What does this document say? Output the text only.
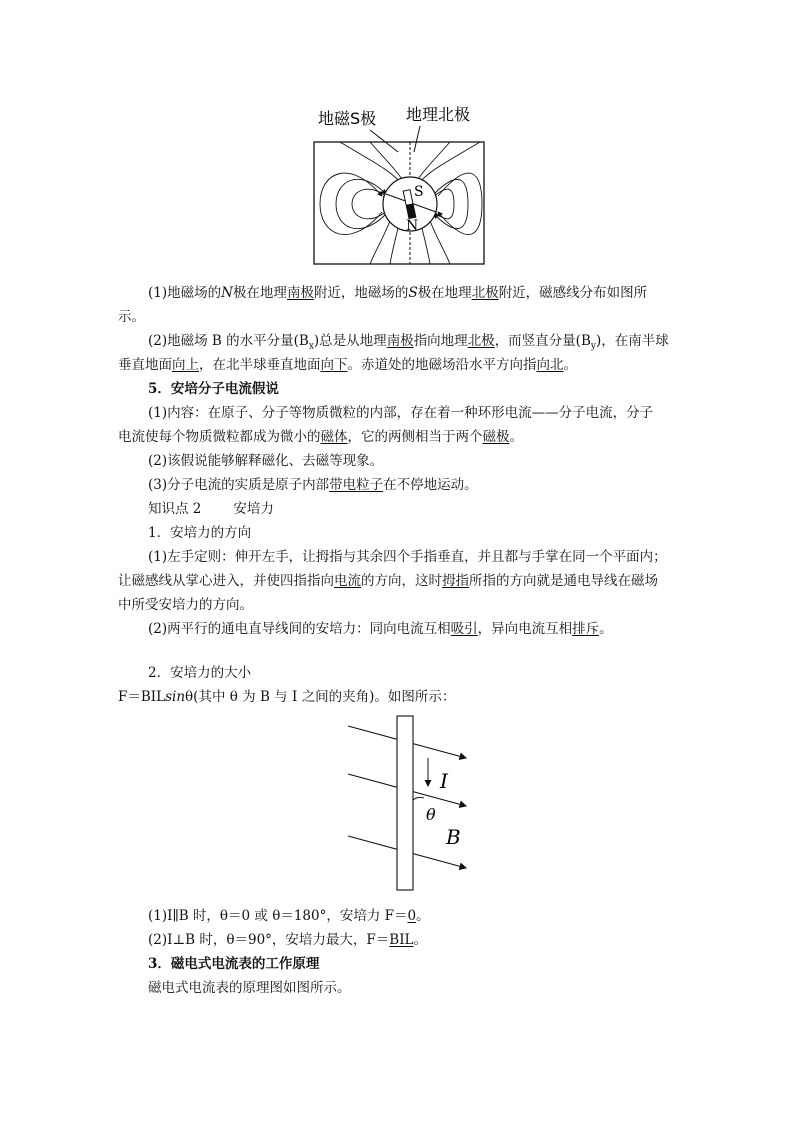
地磁S极 地理北极
S
N
(1)地磁场的N极在地理南极附近，地磁场的S极在地理北极附近，磁感线分布如图所
示。
(2)地磁场 B 的水平分量$(B_x)$总是从地理南极指向地理北极，而竖直分量$(B_y)$，在南半球
垂直地面向上，在北半球垂直地面向下。赤道处的地磁场沿水平方向指向北。
5．安培分子电流假说
(1)内容：在原子、分子等物质微粒的内部，存在着一种环形电流——分子电流，分子
电流使每个物质微粒都成为微小的磁体，它的两侧相当于两个磁极。
(2)该假说能够解释磁化、去磁等现象。
(3)分子电流的实质是原子内部带电粒子在不停地运动。
知识点 2 安培力
1．安培力的方向
(1)左手定则：伸开左手，让拇指与其余四个手指垂直，并且都与手掌在同一个平面内；
让磁感线从掌心进入，并使四指指向电流的方向，这时拇指所指的方向就是通电导线在磁场
中所受安培力的方向。
(2)两平行的通电直导线间的安培力：同向电流互相吸引，异向电流互相排斥。
2．安培力的大小
F＝BILsinθ(其中 θ 为 B 与 I 之间的夹角)。如图所示：
I
θ
B
(1)I∥B 时，θ＝0 或 θ＝180°，安培力 F＝0。
(2)I⊥B 时，θ＝90°，安培力最大，F＝BIL。
3．磁电式电流表的工作原理
磁电式电流表的原理图如图所示。
